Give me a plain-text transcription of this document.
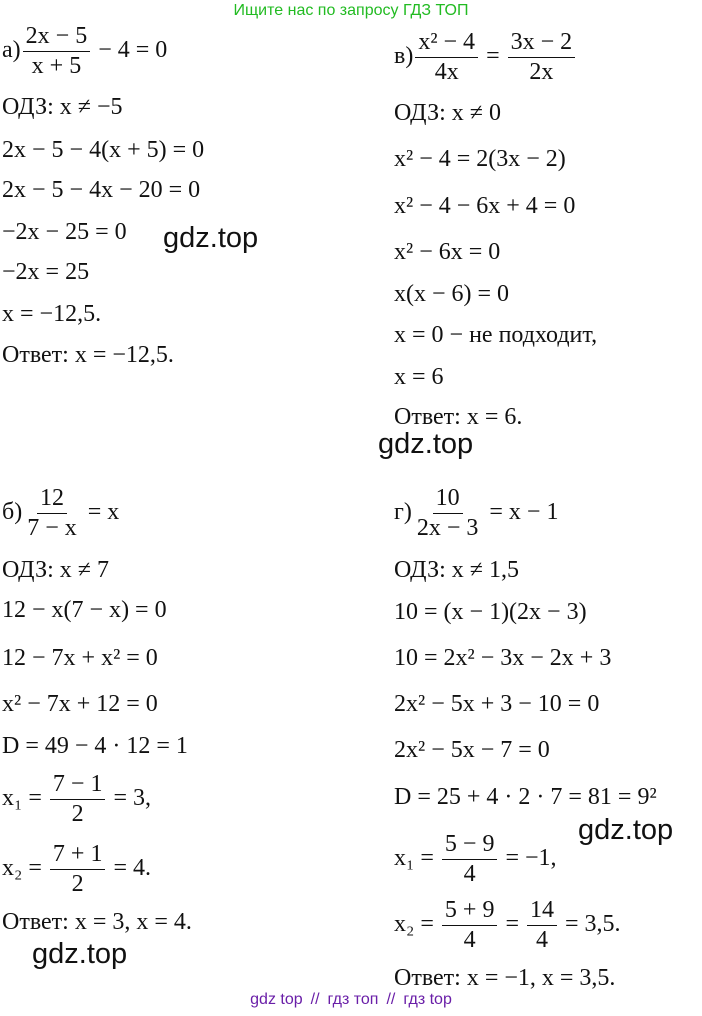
Ищите нас по запросу ГДЗ ТОП
$а) \frac{2x - 5}{x + 5} - 4 = 0$
ОДЗ: x ≠ −5
2x − 5 − 4(x + 5) = 0
2x − 5 − 4x − 20 = 0
−2x − 25 = 0
−2x = 25
x = −12,5.
Ответ: x = −12,5.
$в) \frac{\text{x² − 4}}{4x} = \frac{3x - 2}{2x}$
ОДЗ: x ≠ 0
x² − 4 = 2(3x − 2)
x² − 4 − 6x + 4 = 0
x² − 6x = 0
x(x − 6) = 0
x = 0 − не подходит,
x = 6
Ответ: x = 6.
$б) \frac{12}{7 - x} = x$
ОДЗ: x ≠ 7
12 − x(7 − x) = 0
12 − 7x + x² = 0
x² − 7x + 12 = 0
D = 49 − 4 · 12 = 1
$x_1 = \frac{7 - 1}{2} = 3$,
$x_2 = \frac{7 + 1}{2} = 4$.
Ответ: x = 3, x = 4.
$г) \frac{10}{2x - 3} = x - 1$
ОДЗ: x ≠ 1,5
10 = (x − 1)(2x − 3)
10 = 2x² − 3x − 2x + 3
2x² − 5x + 3 − 10 = 0
2x² − 5x − 7 = 0
D = 25 + 4 · 2 · 7 = 81 = 9²
$x_1 = \frac{5 - 9}{4} = -1$,
$x_2 = \frac{5 + 9}{4} = \frac{14}{4} = 3,5$.
Ответ: x = −1, x = 3,5.
gdz.top
gdz.top
gdz.top
gdz.top
gdz top // гдз топ // гдз top
